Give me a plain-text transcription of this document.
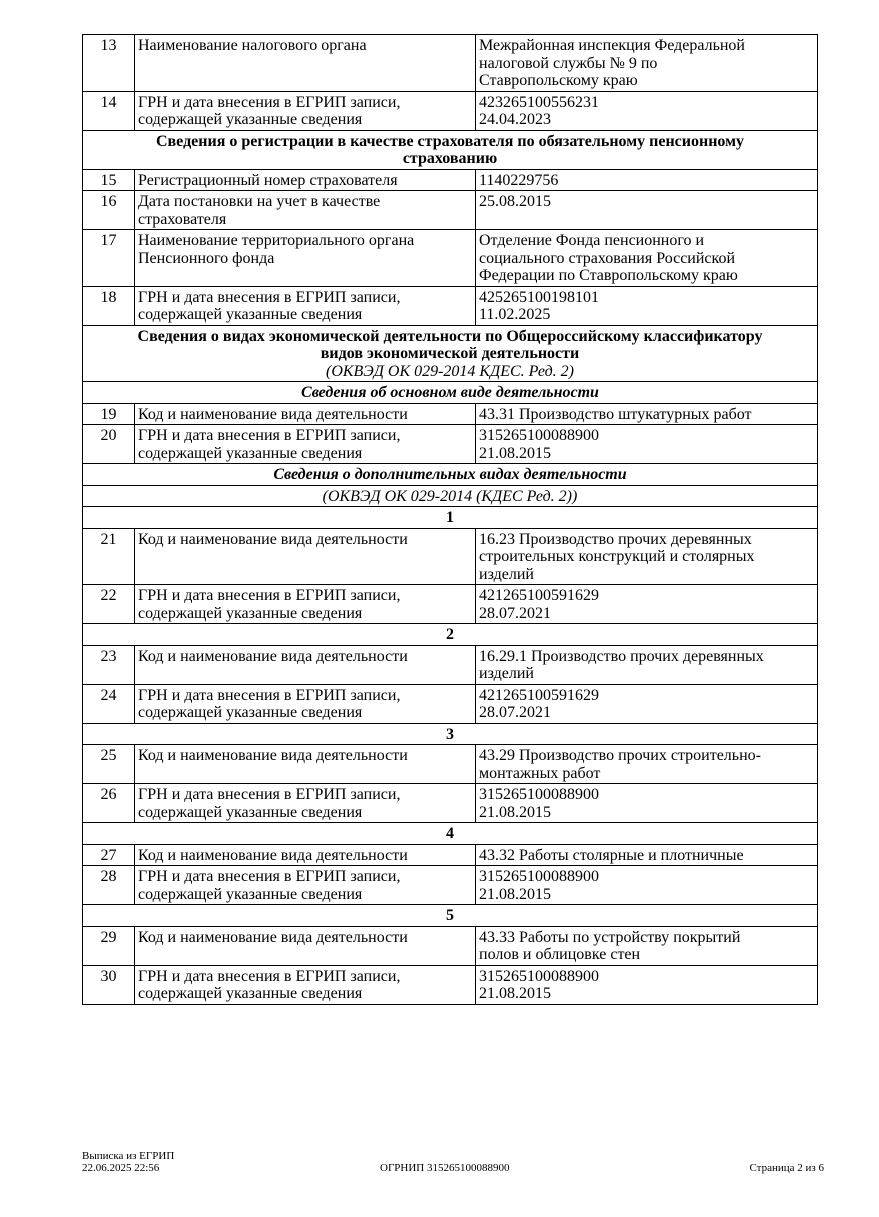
13	Наименование налогового органа	Межрайонная инспекция Федеральной
налоговой службы № 9 по
Ставропольскому краю

14	ГРН и дата внесения в ЕГРИП записи,
содержащей указанные сведения	423265100556231
24.04.2023

Сведения о регистрации в качестве страхователя по обязательному пенсионному
страхованию		

15	Регистрационный номер страхователя	1140229756
16	Дата постановки на учет в качестве
страхователя	25.08.2015
17	Наименование территориального органа
Пенсионного фонда	Отделение Фонда пенсионного и
социального страхования Российской
Федерации по Ставропольскому краю

18	ГРН и дата внесения в ЕГРИП записи,
содержащей указанные сведения	425265100198101
11.02.2025

Сведения о видах экономической деятельности по Общероссийскому классификатору
видов экономической деятельности
(ОКВЭД ОК 029-2014 КДЕС. Ред. 2)		

Сведения об основном виде деятельности		
19	Код и наименование вида деятельности	43.31 Производство штукатурных работ
20	ГРН и дата внесения в ЕГРИП записи,
содержащей указанные сведения	315265100088900
21.08.2015

Сведения о дополнительных видах деятельности		
(ОКВЭД ОК 029-2014 (КДЕС Ред. 2))		
1		
21	Код и наименование вида деятельности	16.23 Производство прочих деревянных
строительных конструкций и столярных
изделий

22	ГРН и дата внесения в ЕГРИП записи,
содержащей указанные сведения	421265100591629
28.07.2021

2		
23	Код и наименование вида деятельности	16.29.1 Производство прочих деревянных
изделий

24	ГРН и дата внесения в ЕГРИП записи,
содержащей указанные сведения	421265100591629
28.07.2021

3		
25	Код и наименование вида деятельности	43.29 Производство прочих строительно-
монтажных работ

26	ГРН и дата внесения в ЕГРИП записи,
содержащей указанные сведения	315265100088900
21.08.2015

4		
27	Код и наименование вида деятельности	43.32 Работы столярные и плотничные
28	ГРН и дата внесения в ЕГРИП записи,
содержащей указанные сведения	315265100088900
21.08.2015

5		
29	Код и наименование вида деятельности	43.33 Работы по устройству покрытий
полов и облицовке стен

30	ГРН и дата внесения в ЕГРИП записи,
содержащей указанные сведения	315265100088900
21.08.2015
Выписка из ЕГРИП
22.06.2025 22:56	ОГРНИП 315265100088900	Страница 2 из 6
